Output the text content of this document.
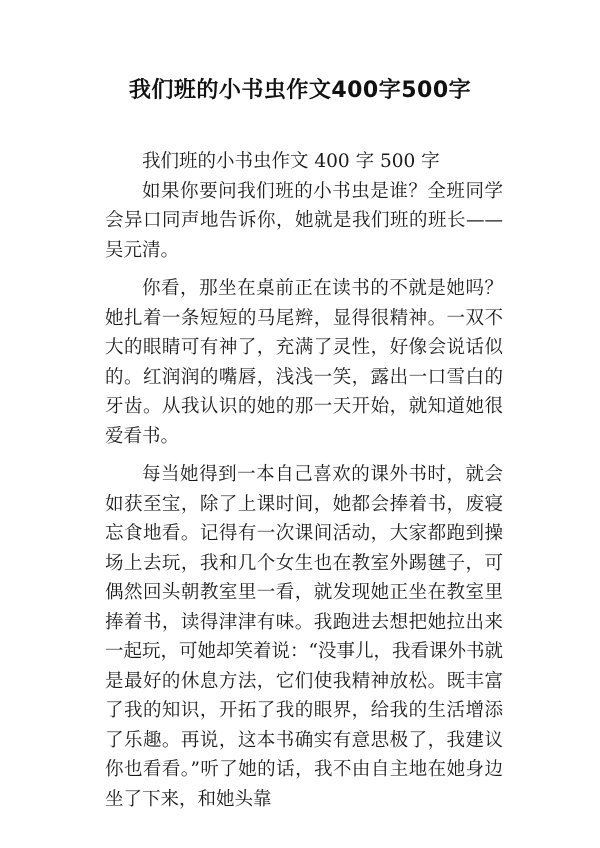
我们班的小书虫作文400字500字

我们班的小书虫作文 400 字 500 字

如果你要问我们班的小书虫是谁？全班同学会异口同声地告诉你，她就是我们班的班长——吴元清。

你看，那坐在桌前正在读书的不就是她吗？她扎着一条短短的马尾辫，显得很精神。一双不大的眼睛可有神了，充满了灵性，好像会说话似的。红润润的嘴唇，浅浅一笑，露出一口雪白的牙齿。从我认识的她的那一天开始，就知道她很爱看书。

每当她得到一本自己喜欢的课外书时，就会如获至宝，除了上课时间，她都会捧着书，废寝忘食地看。记得有一次课间活动，大家都跑到操场上去玩，我和几个女生也在教室外踢毽子，可偶然回头朝教室里一看，就发现她正坐在教室里捧着书，读得津津有味。我跑进去想把她拉出来一起玩，可她却笑着说：“没事儿，我看课外书就是最好的休息方法，它们使我精神放松。既丰富了我的知识，开拓了我的眼界，给我的生活增添了乐趣。再说，这本书确实有意思极了，我建议你也看看。”听了她的话，我不由自主地在她身边坐了下来，和她头靠
